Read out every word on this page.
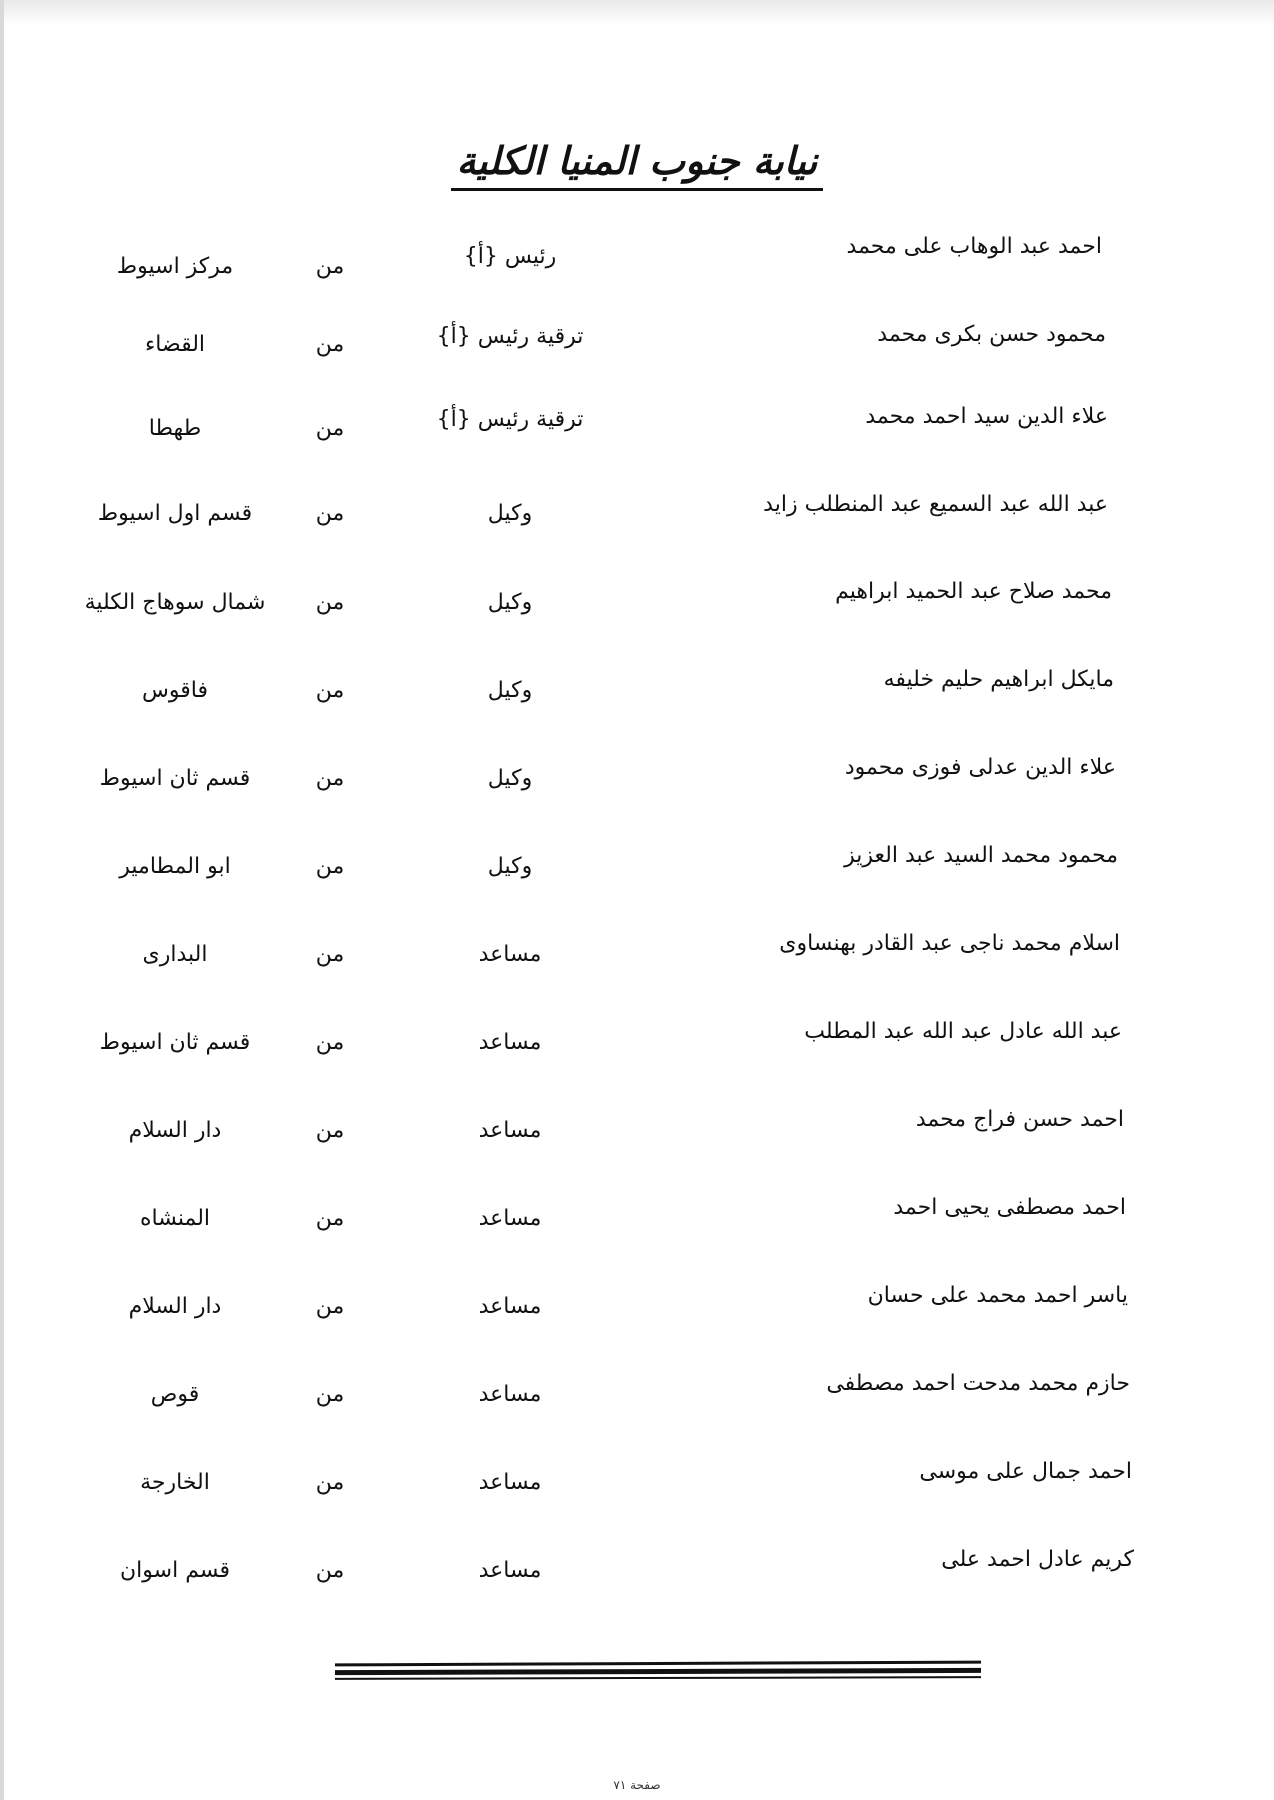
نيابة جنوب المنيا الكلية
احمد عبد الوهاب على محمد
رئيس {أ}
من
مركز اسيوط
محمود حسن بكرى محمد
ترقية رئيس {أ}
من
القضاء
علاء الدين سيد احمد محمد
ترقية رئيس {أ}
من
طهطا
عبد الله عبد السميع عبد المنطلب زايد
وكيل
من
قسم اول اسيوط
محمد صلاح عبد الحميد ابراهيم
وكيل
من
شمال سوهاج الكلية
مايكل ابراهيم حليم خليفه
وكيل
من
فاقوس
علاء الدين عدلى فوزى محمود
وكيل
من
قسم ثان اسيوط
محمود محمد السيد عبد العزيز
وكيل
من
ابو المطامير
اسلام محمد ناجى عبد القادر بهنساوى
مساعد
من
البدارى
عبد الله عادل عبد الله عبد المطلب
مساعد
من
قسم ثان اسيوط
احمد حسن فراج محمد
مساعد
من
دار السلام
احمد مصطفى يحيى احمد
مساعد
من
المنشاه
ياسر احمد محمد على حسان
مساعد
من
دار السلام
حازم محمد مدحت احمد مصطفى
مساعد
من
قوص
احمد جمال على موسى
مساعد
من
الخارجة
كريم عادل احمد على
مساعد
من
قسم اسوان
صفحة ٧١
